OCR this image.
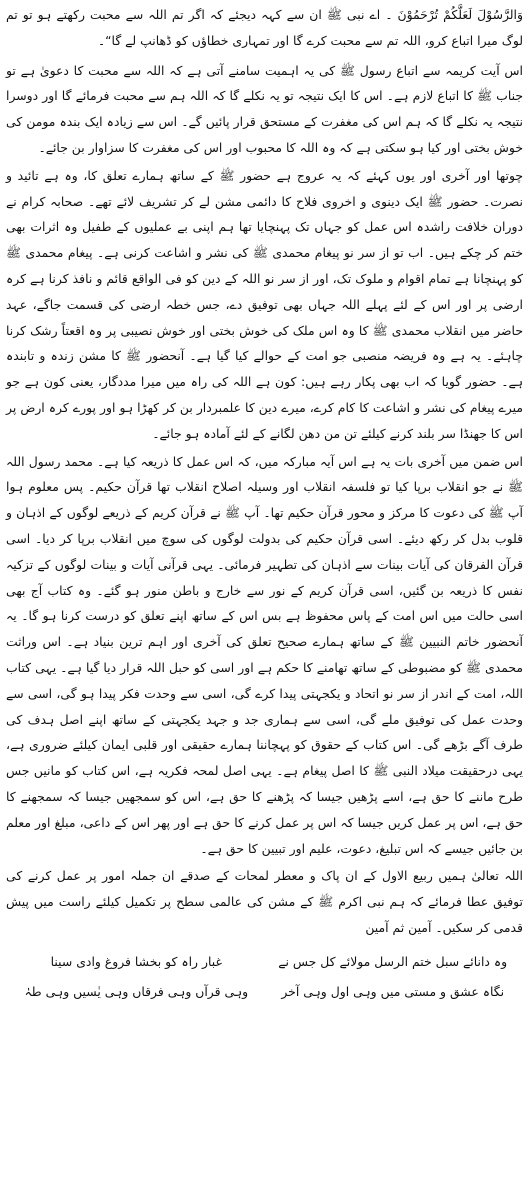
وَالرَّسُوْلَ لَعَلَّكُمْ تُرْحَمُوْنَ ۔ اے نبی ﷺ ان سے کہہ دیجئے کہ اگر تم اللہ سے محبت رکھتے ہو تو تم لوگ میرا اتباع کرو، اللہ تم سے محبت کرے گا اور تمہاری خطاؤں کو ڈھانپ لے گا“۔

اس آیت کریمہ سے اتباع رسول ﷺ کی یہ اہمیت سامنے آتی ہے کہ اللہ سے محبت کا دعویٰ ہے تو جناب ﷺ کا اتباع لازم ہے۔ اس کا ایک نتیجہ تو یہ نکلے گا کہ اللہ ہم سے محبت فرمائے گا اور دوسرا نتیجہ یہ نکلے گا کہ ہم اس کی مغفرت کے مستحق قرار پائیں گے۔ اس سے زیادہ ایک بندہ مومن کی خوش بختی اور کیا ہو سکتی ہے کہ وہ اللہ کا محبوب اور اس کی مغفرت کا سزاوار بن جائے۔

چوتھا اور آخری اور یوں کہئے کہ یہ عروج ہے حضور ﷺ کے ساتھ ہمارے تعلق کا، وہ ہے تائید و نصرت۔ حضور ﷺ ایک دینوی و اخروی فلاح کا دائمی مشن لے کر تشریف لائے تھے۔ صحابہ کرام نے دوران خلافت راشدہ اس عمل کو جہاں تک پہنچایا تھا ہم اپنی بے عملیوں کے طفیل وہ اثرات بھی ختم کر چکے ہیں۔ اب تو از سر نو پیغام محمدی ﷺ کی نشر و اشاعت کرنی ہے۔ پیغام محمدی ﷺ کو پہنچانا ہے تمام اقوام و ملوک تک، اور از سر نو اللہ کے دین کو فی الواقع قائم و نافذ کرنا ہے کرہ ارضی پر اور اس کے لئے پہلے اللہ جہاں بھی توفیق دے، جس خطہ ارضی کی قسمت جاگے، عہد حاضر میں انقلاب محمدی ﷺ کا وہ اس ملک کی خوش بختی اور خوش نصیبی پر وہ اقعتاً رشک کرنا چاہئے۔ یہ ہے وہ فریضہ منصبی جو امت کے حوالے کیا گیا ہے۔ آنحضور ﷺ کا مشن زندہ و تابندہ ہے۔ حضور گویا کہ اب بھی پکار رہے ہیں: کون ہے اللہ کی راہ میں میرا مددگار، یعنی کون ہے جو میرے پیغام کی نشر و اشاعت کا کام کرے، میرے دین کا علمبردار بن کر کھڑا ہو اور پورے کرہ ارض پر اس کا جھنڈا سر بلند کرنے کیلئے تن من دھن لگانے کے لئے آمادہ ہو جائے۔

اس ضمن میں آخری بات یہ ہے اس آیہ مبارکہ میں، کہ اس عمل کا ذریعہ کیا ہے۔ محمد رسول اللہ ﷺ نے جو انقلاب برپا کیا تو فلسفہ انقلاب اور وسیلہ اصلاح انقلاب تھا قرآن حکیم۔ پس معلوم ہوا آپ ﷺ کی دعوت کا مرکز و محور قرآن حکیم تھا۔ آپ ﷺ نے قرآن کریم کے ذریعے لوگوں کے اذہان و قلوب بدل کر رکھ دیئے۔ اسی قرآن حکیم کی بدولت لوگوں کی سوچ میں انقلاب برپا کر دیا۔ اسی قرآن الفرقان کی آیات بینات سے اذہان کی تطہیر فرمائی۔ یہی قرآنی آیات و بینات لوگوں کے تزکیہ نفس کا ذریعہ بن گئیں، اسی قرآن کریم کے نور سے خارج و باطن منور ہو گئے۔ وہ کتاب آج بھی اسی حالت میں اس امت کے پاس محفوظ ہے بس اس کے ساتھ اپنے تعلق کو درست کرنا ہو گا۔ یہ آنحضور خاتم النبیین ﷺ کے ساتھ ہمارے صحیح تعلق کی آخری اور اہم ترین بنیاد ہے۔ اس وراثت محمدی ﷺ کو مضبوطی کے ساتھ تھامنے کا حکم ہے اور اسی کو حبل اللہ قرار دیا گیا ہے۔ یہی کتاب اللہ، امت کے اندر از سر نو اتحاد و یکجہتی پیدا کرے گی، اسی سے وحدت فکر پیدا ہو گی، اسی سے وحدت عمل کی توفیق ملے گی، اسی سے ہماری جد و جہد یکجہتی کے ساتھ اپنے اصل ہدف کی طرف آگے بڑھے گی۔ اس کتاب کے حقوق کو پہچاننا ہمارے حقیقی اور قلبی ایمان کیلئے ضروری ہے، یہی درحقیقت میلاد النبی ﷺ کا اصل پیغام ہے۔ یہی اصل لمحہ فکریہ ہے، اس کتاب کو مانیں جس طرح ماننے کا حق ہے، اسے پڑھیں جیسا کہ پڑھنے کا حق ہے، اس کو سمجھیں جیسا کہ سمجھنے کا حق ہے، اس پر عمل کریں جیسا کہ اس پر عمل کرنے کا حق ہے اور پھر اس کے داعی، مبلغ اور معلم بن جائیں جیسے کہ اس تبلیغ، دعوت، علیم اور تبیین کا حق ہے۔

اللہ تعالیٰ ہمیں ربیع الاول کے ان پاک و معطر لمحات کے صدقے ان جملہ امور پر عمل کرنے کی توفیق عطا فرمائے کہ ہم نبی اکرم ﷺ کے مشن کی عالمی سطح پر تکمیل کیلئے راست میں پیش قدمی کر سکیں۔ آمین ثم آمین

وہ دانائے سبل ختم الرسل مولائے کل جس نے
غبار راہ کو بخشا فروغ وادی سینا
نگاہ عشق و مستی میں وہی اول وہی آخر
وہی قرآں وہی فرقاں وہی یٰسیں وہی طہٰ
